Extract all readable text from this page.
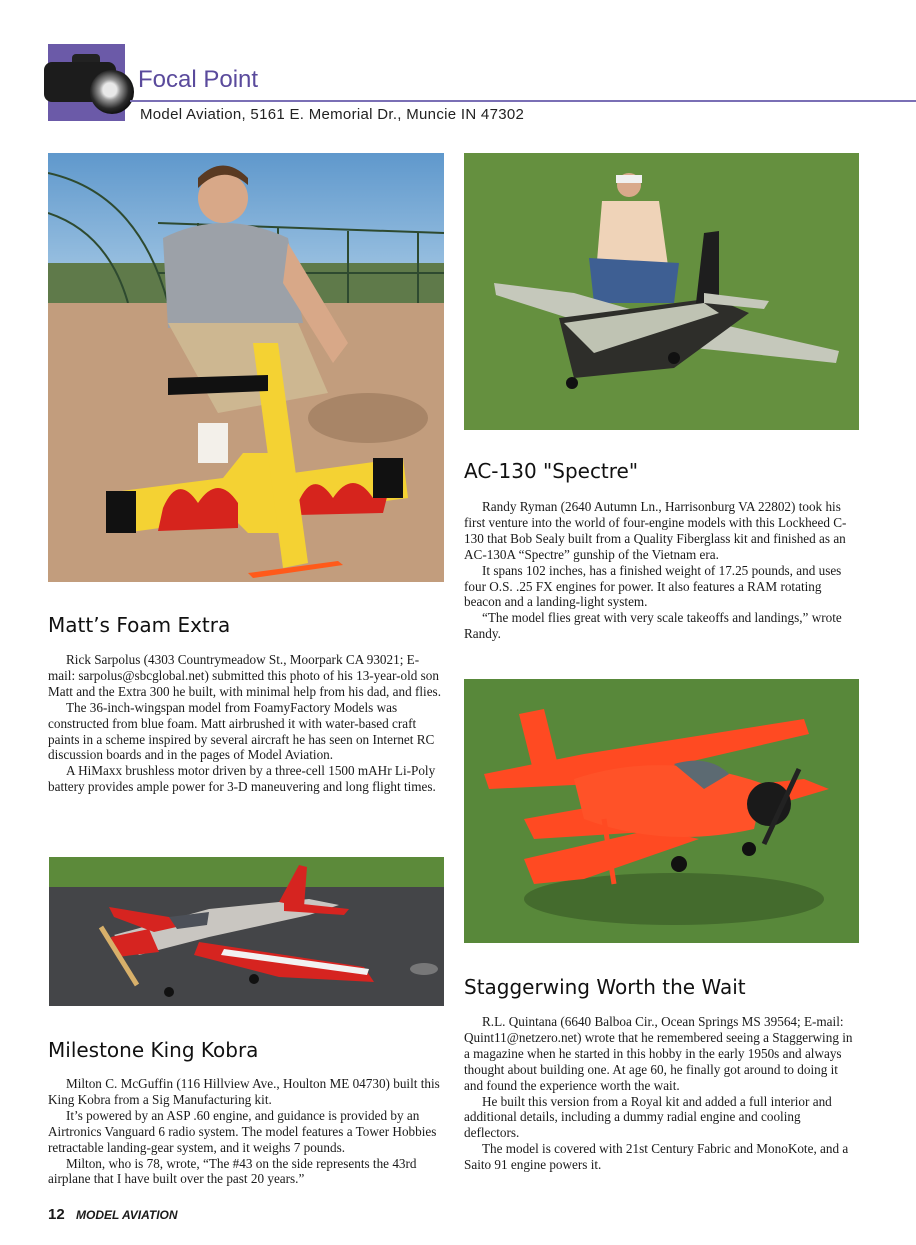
Focal Point
Model Aviation, 5161 E. Memorial Dr., Muncie IN 47302
Matt’s Foam Extra

Rick Sarpolus (4303 Countrymeadow St., Moorpark CA 93021; E-mail: sarpolus@sbcglobal.net) submitted this photo of his 13-year-old son Matt and the Extra 300 he built, with minimal help from his dad, and flies.

The 36-inch-wingspan model from FoamyFactory Models was constructed from blue foam. Matt airbrushed it with water-based craft paints in a scheme inspired by several aircraft he has seen on Internet RC discussion boards and in the pages of Model Aviation.

A HiMaxx brushless motor driven by a three-cell 1500 mAHr Li-Poly battery provides ample power for 3-D maneuvering and long flight times.

AC-130 "Spectre"

Randy Ryman (2640 Autumn Ln., Harrisonburg VA 22802) took his first venture into the world of four-engine models with this Lockheed C-130 that Bob Sealy built from a Quality Fiberglass kit and finished as an AC-130A “Spectre” gunship of the Vietnam era.

It spans 102 inches, has a finished weight of 17.25 pounds, and uses four O.S. .25 FX engines for power. It also features a RAM rotating beacon and a landing-light system.

“The model flies great with very scale takeoffs and landings,” wrote Randy.

Staggerwing Worth the Wait

R.L. Quintana (6640 Balboa Cir., Ocean Springs MS 39564; E-mail: Quint11@netzero.net) wrote that he remembered seeing a Staggerwing in a magazine when he started in this hobby in the early 1950s and always thought about building one. At age 60, he finally got around to doing it and found the experience worth the wait.

He built this version from a Royal kit and added a full interior and additional details, including a dummy radial engine and cooling deflectors.

The model is covered with 21st Century Fabric and MonoKote, and a Saito 91 engine powers it.

Milestone King Kobra

Milton C. McGuffin (116 Hillview Ave., Houlton ME 04730) built this King Kobra from a Sig Manufacturing kit.

It’s powered by an ASP .60 engine, and guidance is provided by an Airtronics Vanguard 6 radio system. The model features a Tower Hobbies retractable landing-gear system, and it weighs 7 pounds.

Milton, who is 78, wrote, “The #43 on the side represents the 43rd airplane that I have built over the past 20 years.”

12 MODEL AVIATION
